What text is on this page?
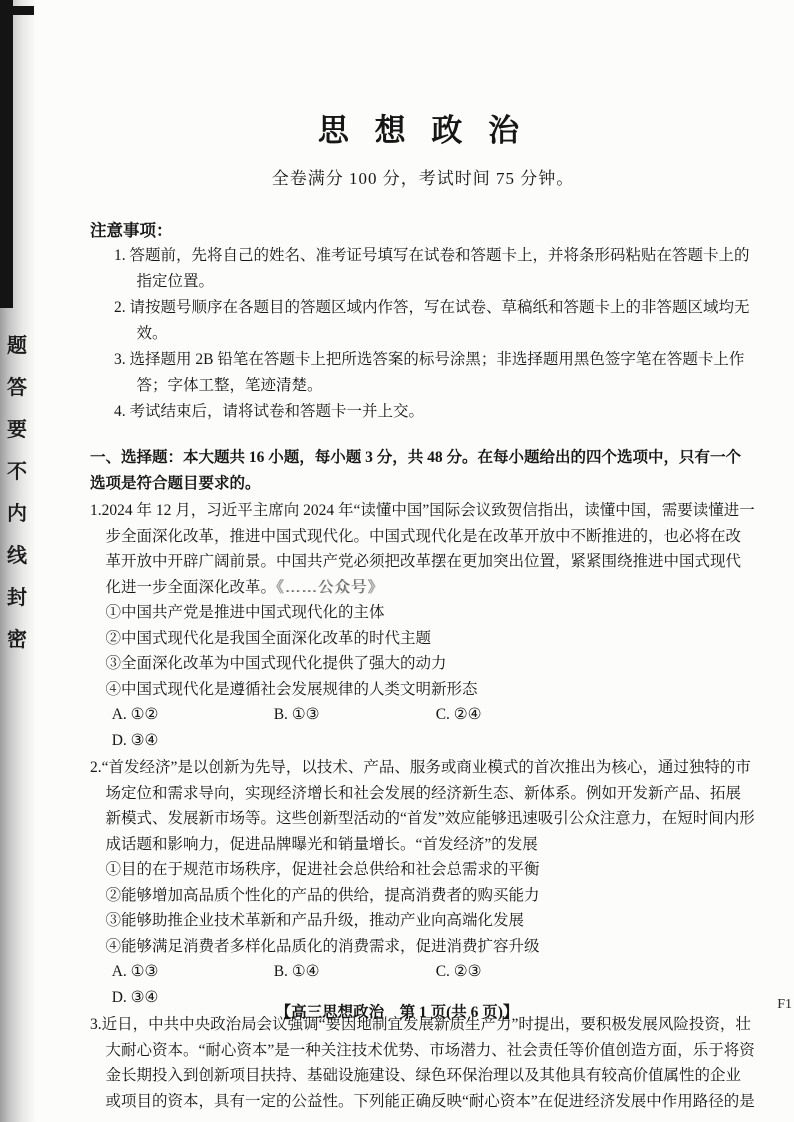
题
答
要
不
内
线
封
密
思 想 政 治

全卷满分 100 分，考试时间 75 分钟。

注意事项：

1. 答题前，先将自己的姓名、准考证号填写在试卷和答题卡上，并将条形码粘贴在答题卡上的指定位置。

2. 请按题号顺序在各题目的答题区域内作答，写在试卷、草稿纸和答题卡上的非答题区域均无效。

3. 选择题用 2B 铅笔在答题卡上把所选答案的标号涂黑；非选择题用黑色签字笔在答题卡上作答；字体工整，笔迹清楚。

4. 考试结束后，请将试卷和答题卡一并上交。

一、选择题：本大题共 16 小题，每小题 3 分，共 48 分。在每小题给出的四个选项中，只有一个选项是符合题目要求的。

1.2024 年 12 月，习近平主席向 2024 年“读懂中国”国际会议致贺信指出，读懂中国，需要读懂进一步全面深化改革，推进中国式现代化。中国式现代化是在改革开放中不断推进的，也必将在改革开放中开辟广阔前景。中国共产党必须把改革摆在更加突出位置，紧紧围绕推进中国式现代化进一步全面深化改革。《……公众号》

①中国共产党是推进中国式现代化的主体

②中国式现代化是我国全面深化改革的时代主题

③全面深化改革为中国式现代化提供了强大的动力

④中国式现代化是遵循社会发展规律的人类文明新形态

A. ①②	B. ①③	C. ②④D. ③④

2.“首发经济”是以创新为先导，以技术、产品、服务或商业模式的首次推出为核心，通过独特的市场定位和需求导向，实现经济增长和社会发展的经济新生态、新体系。例如开发新产品、拓展新模式、发展新市场等。这些创新型活动的“首发”效应能够迅速吸引公众注意力，在短时间内形成话题和影响力，促进品牌曝光和销量增长。“首发经济”的发展

①目的在于规范市场秩序，促进社会总供给和社会总需求的平衡

②能够增加高品质个性化的产品的供给，提高消费者的购买能力

③能够助推企业技术革新和产品升级，推动产业向高端化发展

④能够满足消费者多样化品质化的消费需求，促进消费扩容升级

A. ①③	B. ①④	C. ②③D. ③④

3.近日，中共中央政治局会议强调“要因地制宜发展新质生产力”时提出，要积极发展风险投资，壮大耐心资本。“耐心资本”是一种关注技术优势、市场潜力、社会责任等价值创造方面，乐于将资金长期投入到创新项目扶持、基础设施建设、绿色环保治理以及其他具有较高价值属性的企业或项目的资本，具有一定的公益性。下列能正确反映“耐心资本”在促进经济发展中作用路径的是

【高三思想政治　第 1 页(共 6 页)】	F1
